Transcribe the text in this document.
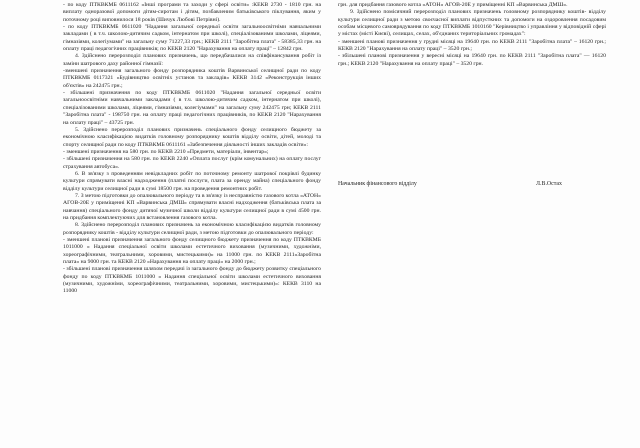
- по коду ПТКВКМБ 0611162 «Інші програми та заходи у сфері освіти» :КЕКВ 2730 - 1810 грн. на виплату одноразової допомоги дітям-сиротам і дітям, позбавленим батьківського піклування, яким у поточному році виповнилося 18 років (Шичук Любові Петрівні).

- по коду ПТКВКМБ 0611020 "Надання загальної середньої освіти загальноосвітніми навчальними закладами ( в т.ч. школою-дитячим садком, інтернатом при школі), спеціалізованими школами, ліцеями, гімназіями, колегіумами" на загальну суму 71227,33 грн.; КЕКВ 2111 "Заробітна плата" - 58385,33 грн. на оплату праці педагогічних працівників; по КЕКВ 2120 "Нарахування на оплату праці" – 12842 грн.

4. Здійснено перерозподіл планових призначень, що передбачалися на співфінансування робіт із заміни шатрового даху районної гімназії:

-зменшені призначення загального фонду розпорядника коштів Варвинської селищної ради по коду ПТКВКМБ 0117321 «Будівництво освітніх установ та закладів» КЕКВ 3142 «Реконструкція інших об'єктів» на 242475 грн.;

- збільшені призначення по коду ПТКВКМБ 0611020 "Надання загальної середньої освіти загальноосвітніми навчальними закладами ( в т.ч. школою-дитячим садком, інтернатом при школі), спеціалізованими школами, ліцеями, гімназіями, колегіумами" на загальну суму 242475 грн; КЕКВ 2111 "Заробітна плата" - 198750 грн. на оплату праці педагогічних працівників, по КЕКВ 2120 "Нарахування на оплату праці" – 43725 грн.

5. Здійснено перерозподіл планових призначень спеціального фонду селищного бюджету за економічною класифікацією видатків головному розпоряднику коштів відділу освіти, дітей, молоді та спорту селищної ради по коду ПТКВКМБ 0611161 «Забезпечення діяльності інших закладів освіти»:

- зменшені призначення на 580 грн. по КЕКВ 2210 «Предмети, матеріали, інвентар»;

- збільшені призначення на 580 грн. по КЕКВ 2240 «Оплата послуг (крім комунальних) на оплату послуг страхування автобуса».

6. В зв'язку з проведенням невідкладних робіт по поточному ремонту шатрової покрівлі будинку культури спрямувати власні надходження (платні послуги, плата за оренду майна) спеціального фонду відділу культури селищної ради в сумі 18500 грн. на проведення ремонтних робіт.

7. З метою підготовки до опалювального періоду та в зв'язку із несправністю газового котла «АТОН» АГОВ-20Е у приміщенні КП «Варвинська ДМШ» спрямувати власні надходження (батьківська плата за навчання) спеціального фонду дитячої музичної школи відділу культури селищної ради в сумі 4500 грн. на придбання комплектуючих для встановлення газового котла.

8. Здійснено перерозподіл планових призначень за економічною класифікацією видатків головному розпоряднику коштів - відділу культури селищної ради, з метою підготовки до опалювального періоду:

- зменшені планові призначення загального фонду селищного бюджету призначення по коду ПТКВКМБ 1011000 « Надання спеціальної освіти школами естетичного виховання (музичними, художніми, хореографічними, театральними, хоровими, мистецькими)» на 11000 грн. по КЕКВ 2111«Заробітна плата» на 9000 грн. та КЕКВ 2120 «Нарахування на оплату праці» на 2000 грн.;

- збільшені планові призначення шляхом передачі із загального фонду до бюджету розвитку спеціального фонду по коду ПТКВКМБ 1011000 « Надання спеціальної освіти школами естетичного виховання (музичними, художніми, хореографічними, театральними, хоровими, мистецькими)»: КЕКВ 3110 на 11000

грн. для придбання газового котла «АТОН» АГОВ-20Е у приміщенні КП «Варвинська ДМШ».

9. Здійснено помісячний перерозподіл планових призначень головному розпоряднику коштів- відділу культури селищної ради з метою своєчасної виплати відпусткних та допомоги на оздоровлення посадовим особам місцевого самоврядування по коду ПТКВКМБ 1010160 "Керівництво і управління у відповідній сфері у містах (місті Києві), селищах, селах, об'єднаних територіальних громадах":

- зменшені планові призначення у грудні місяці на 19640 грн. по КЕКВ 2111 "Заробітна плата" – 16120 грн.; КЕКВ 2120 "Нарахування на оплату праці" – 3520 грн.;

- збільшені планові призначення у вересні місяці на 19640 грн. по КЕКВ 2111 "Заробітна плата" — 16120 грн.; КЕКВ 2120 "Нарахування на оплату праці" – 3520 грн.

Начальник фінансового відділу	Л.В.Остах
